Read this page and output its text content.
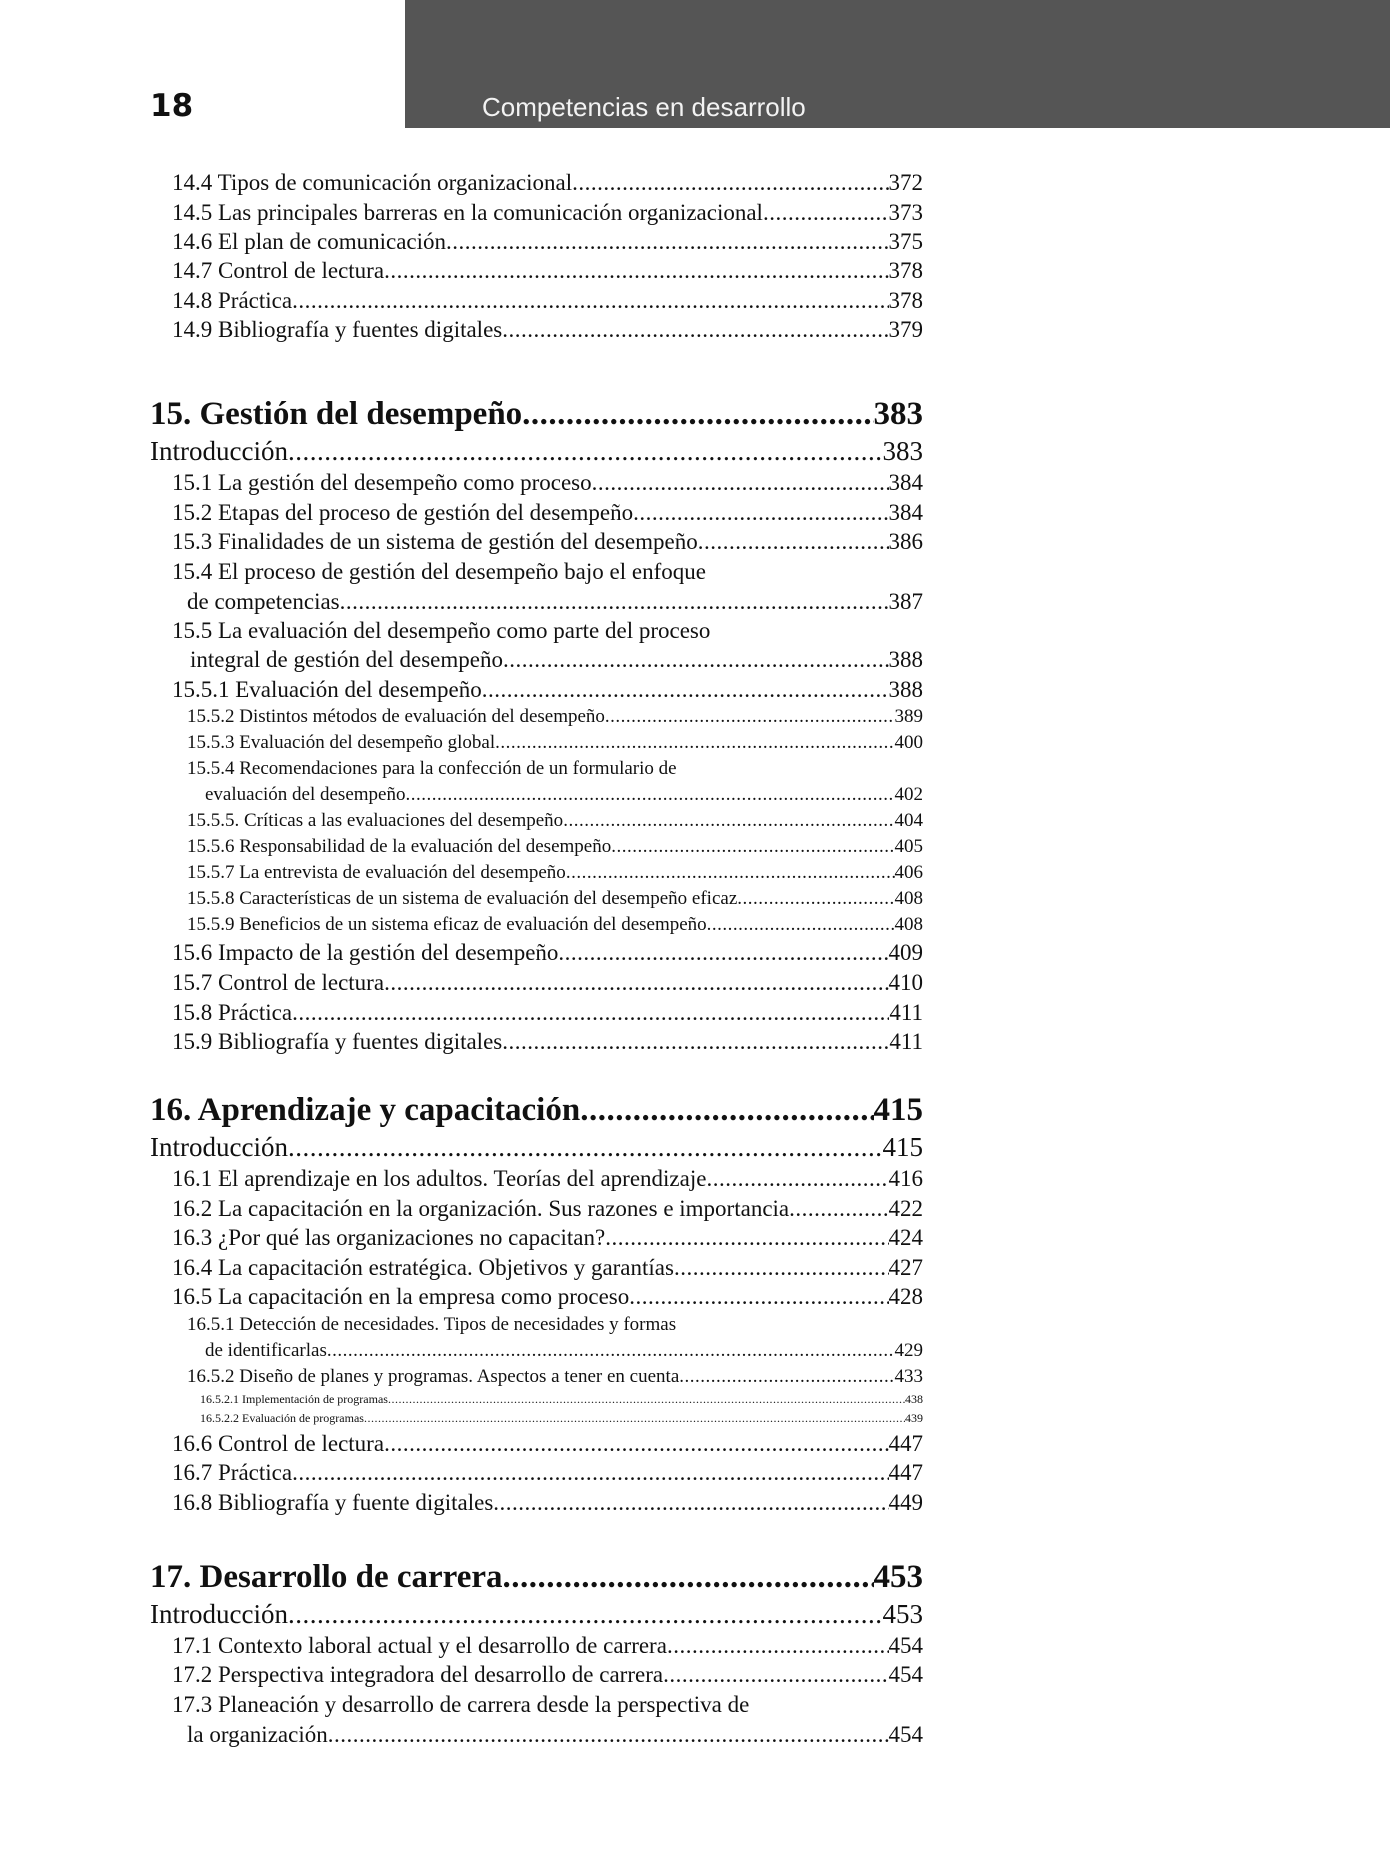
18	Competencias en desarrollo
14.4 Tipos de comunicación organizacional .....	372
14.5 Las principales barreras en la comunicación organizacional .....	373
14.6 El plan de comunicación .....	375
14.7 Control de lectura .....	378
14.8 Práctica .....	378
14.9 Bibliografía y fuentes digitales .....	379
15. Gestión del desempeño .....	383
Introducción .....	383
15.1 La gestión del desempeño como proceso .....	384
15.2 Etapas del proceso de gestión del desempeño .....	384
15.3 Finalidades de un sistema de gestión del desempeño .....	386
15.4 El proceso de gestión del desempeño bajo el enfoque
de competencias .....	387
15.5 La evaluación del desempeño como parte del proceso
integral de gestión del desempeño .....	388
15.5.1 Evaluación del desempeño .....	388
15.5.2 Distintos métodos de evaluación del desempeño .....	389
15.5.3 Evaluación del desempeño global .....	400
15.5.4 Recomendaciones para la confección de un formulario de
evaluación del desempeño .....	402
15.5.5. Críticas a las evaluaciones del desempeño .....	404
15.5.6 Responsabilidad de la evaluación del desempeño .....	405
15.5.7 La entrevista de evaluación del desempeño .....	406
15.5.8 Características de un sistema de evaluación del desempeño eficaz .....	408
15.5.9 Beneficios de un sistema eficaz de evaluación del desempeño .....	408
15.6 Impacto de la gestión del desempeño .....	409
15.7 Control de lectura .....	410
15.8 Práctica .....	411
15.9 Bibliografía y fuentes digitales .....	411
16. Aprendizaje y capacitación .....	415
Introducción .....	415
16.1 El aprendizaje en los adultos. Teorías del aprendizaje .....	416
16.2 La capacitación en la organización. Sus razones e importancia .....	422
16.3 ¿Por qué las organizaciones no capacitan? .....	424
16.4 La capacitación estratégica. Objetivos y garantías .....	427
16.5 La capacitación en la empresa como proceso .....	428
16.5.1 Detección de necesidades. Tipos de necesidades y formas
de identificarlas .....	429
16.5.2 Diseño de planes y programas. Aspectos a tener en cuenta .....	433
16.5.2.1 Implementación de programas .....	438
16.5.2.2 Evaluación de programas .....	439
16.6 Control de lectura .....	447
16.7 Práctica .....	447
16.8 Bibliografía y fuente digitales .....	449
17. Desarrollo de carrera .....	453
Introducción .....	453
17.1 Contexto laboral actual y el desarrollo de carrera .....	454
17.2 Perspectiva integradora del desarrollo de carrera .....	454
17.3 Planeación y desarrollo de carrera desde la perspectiva de
la organización .....	454
